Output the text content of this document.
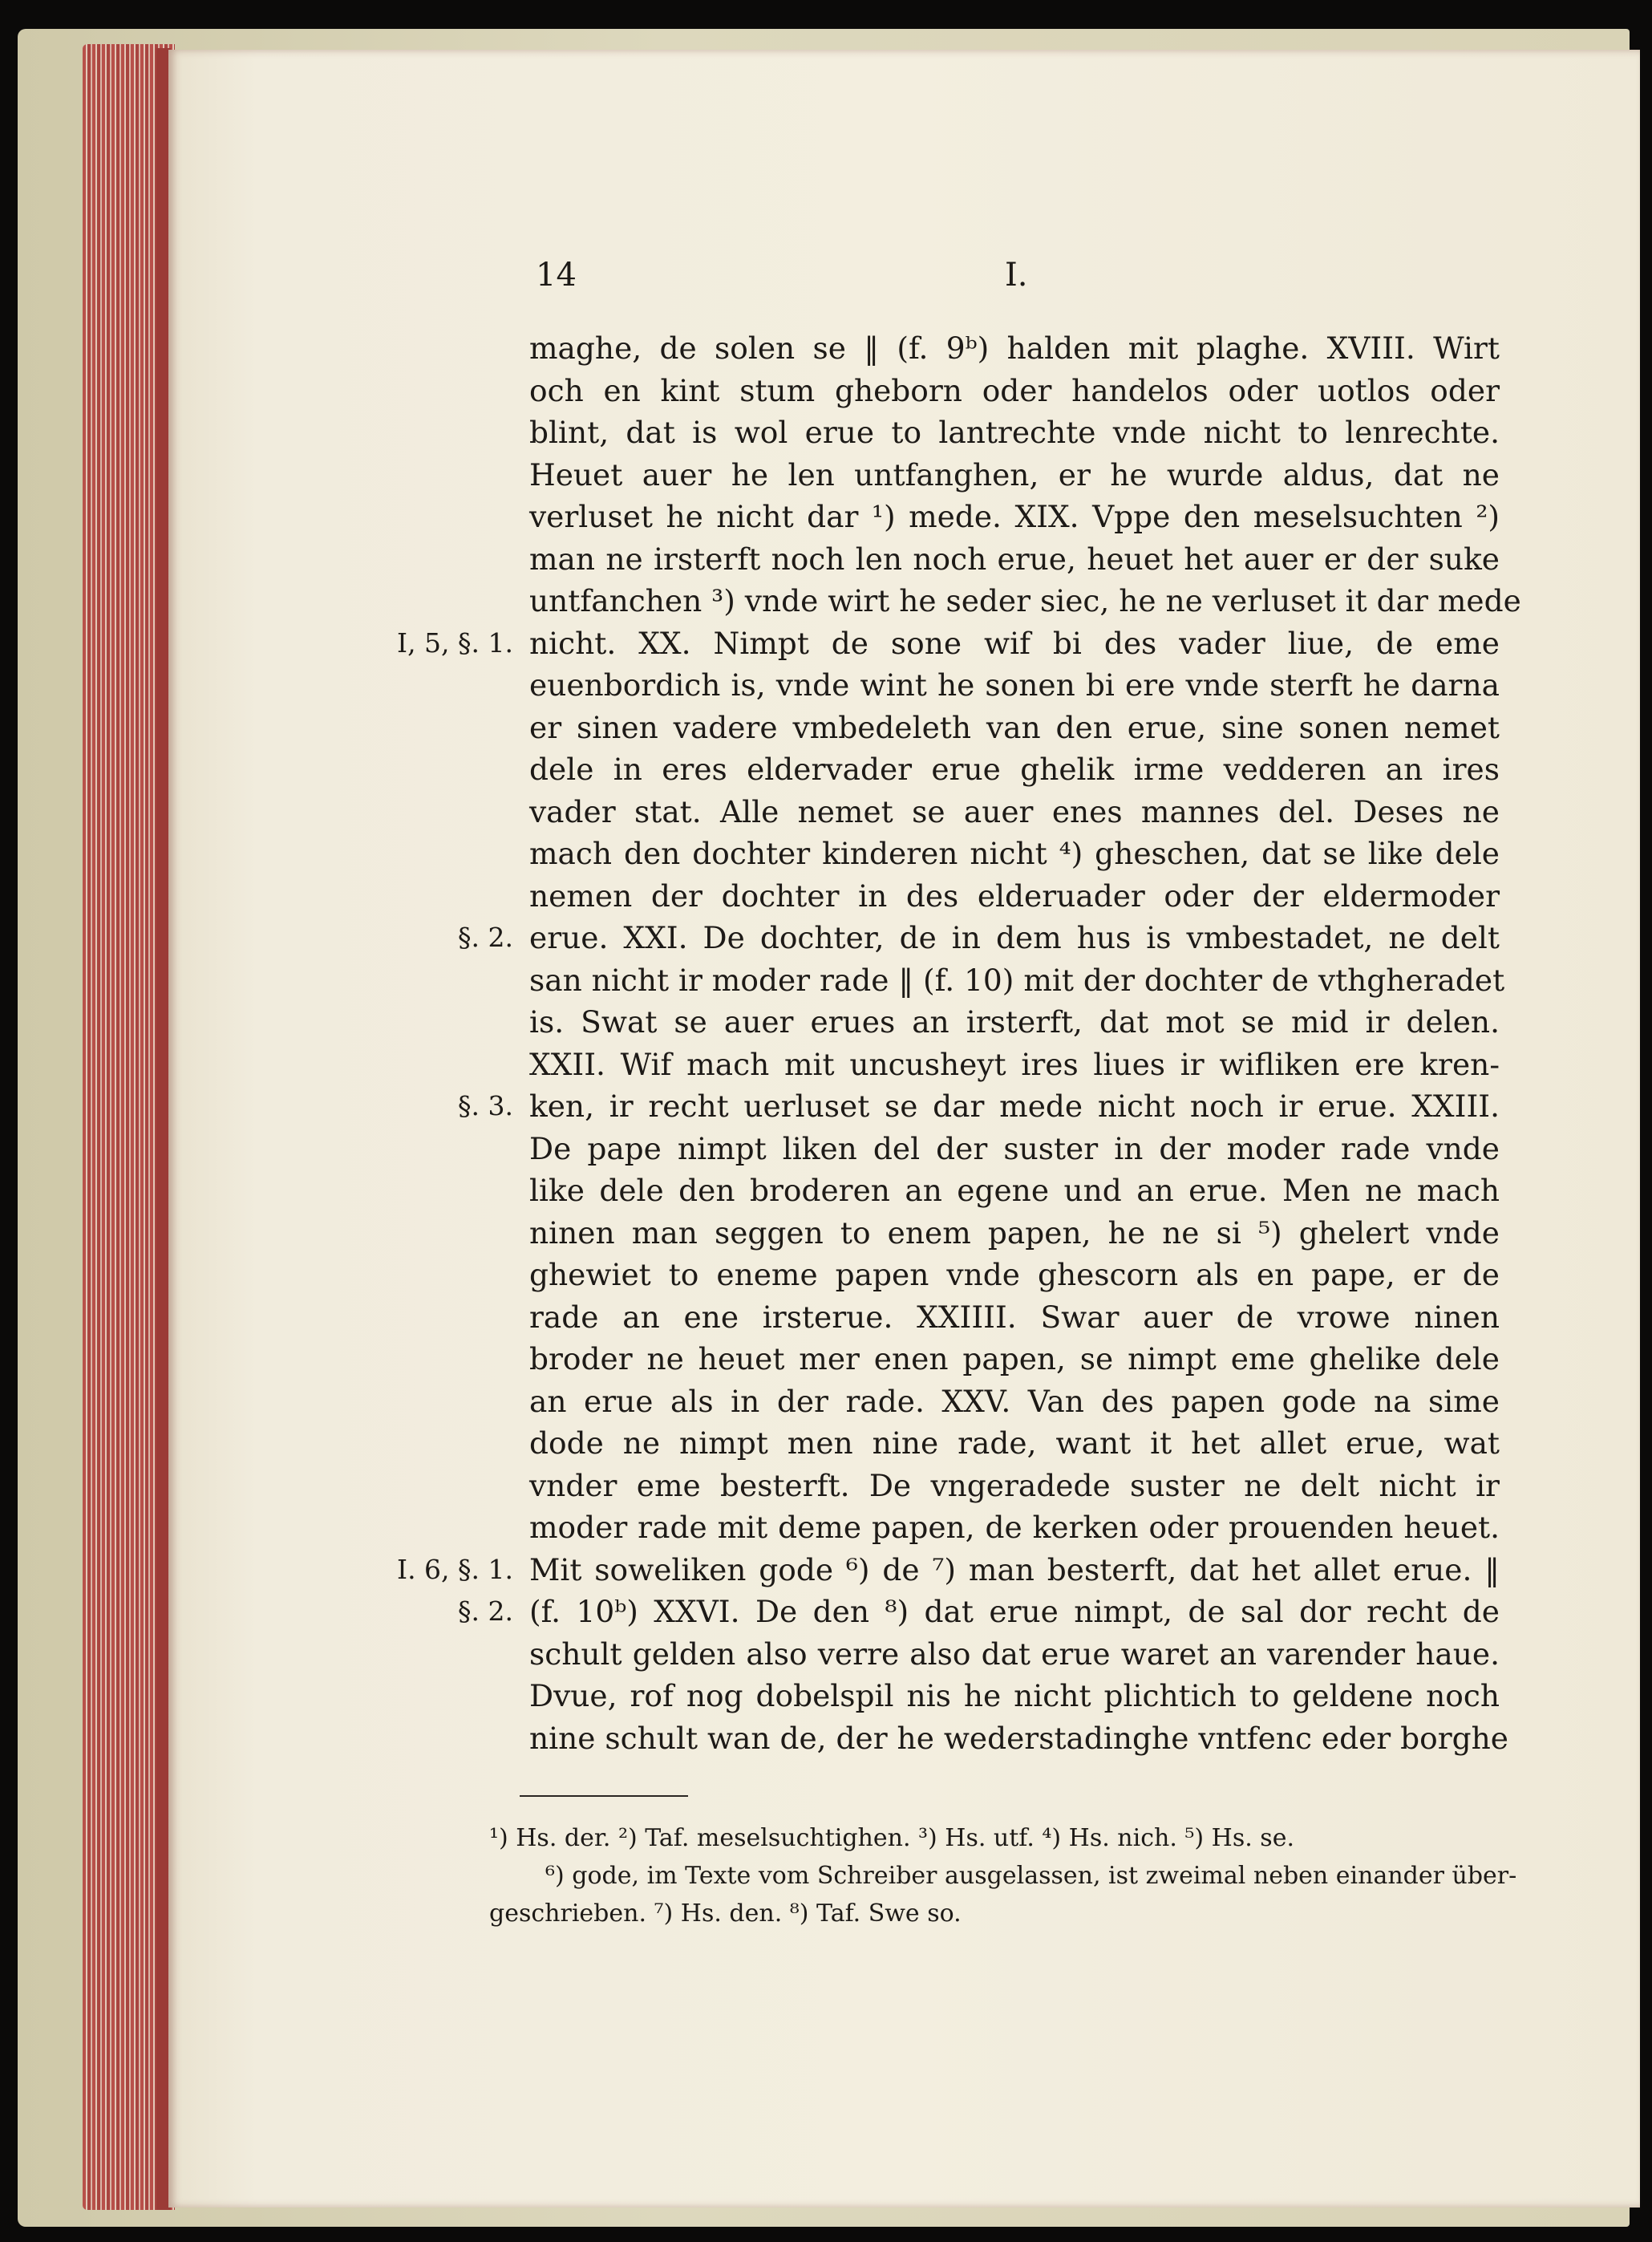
14	I.
maghe, de solen se ‖ (f. 9ᵇ) halden mit plaghe. XVIII. Wirt
och en kint stum gheborn oder handelos oder uotlos oder
blint, dat is wol erue to lantrechte vnde nicht to lenrechte.
Heuet auer he len untfanghen, er he wurde aldus, dat ne
verluset he nicht dar ¹) mede. XIX. Vppe den meselsuchten ²)
man ne irsterft noch len noch erue, heuet het auer er der suke
untfanchen ³) vnde wirt he seder siec, he ne verluset it dar mede
nicht. XX. Nimpt de sone wif bi des vader liue, de eme
I, 5, §. 1.
euenbordich is, vnde wint he sonen bi ere vnde sterft he darna
er sinen vadere vmbedeleth van den erue, sine sonen nemet
dele in eres eldervader erue ghelik irme vedderen an ires
vader stat. Alle nemet se auer enes mannes del. Deses ne
mach den dochter kinderen nicht ⁴) gheschen, dat se like dele
nemen der dochter in des elderuader oder der eldermoder
erue. XXI. De dochter, de in dem hus is vmbestadet, ne delt
§. 2.
san nicht ir moder rade ‖ (f. 10) mit der dochter de vthgheradet
is. Swat se auer erues an irsterft, dat mot se mid ir delen.
XXII. Wif mach mit uncusheyt ires liues ir wifliken ere kren-
ken, ir recht uerluset se dar mede nicht noch ir erue. XXIII.
§. 3.
De pape nimpt liken del der suster in der moder rade vnde
like dele den broderen an egene und an erue. Men ne mach
ninen man seggen to enem papen, he ne si ⁵) ghelert vnde
ghewiet to eneme papen vnde ghescorn als en pape, er de
rade an ene irsterue. XXIIII. Swar auer de vrowe ninen
broder ne heuet mer enen papen, se nimpt eme ghelike dele
an erue als in der rade. XXV. Van des papen gode na sime
dode ne nimpt men nine rade, want it het allet erue, wat
vnder eme besterft. De vngeradede suster ne delt nicht ir
moder rade mit deme papen, de kerken oder prouenden heuet.
Mit soweliken gode ⁶) de ⁷) man besterft, dat het allet erue. ‖
I. 6, §. 1.
(f. 10ᵇ) XXVI. De den ⁸) dat erue nimpt, de sal dor recht de
§. 2.
schult gelden also verre also dat erue waret an varender haue.
Dvue, rof nog dobelspil nis he nicht plichtich to geldene noch
nine schult wan de, der he wederstadinghe vntfenc eder borghe
¹) Hs. der. ²) Taf. meselsuchtighen. ³) Hs. utf. ⁴) Hs. nich. ⁵) Hs. se.
⁶) gode, im Texte vom Schreiber ausgelassen, ist zweimal neben einander über-
geschrieben. ⁷) Hs. den. ⁸) Taf. Swe so.
